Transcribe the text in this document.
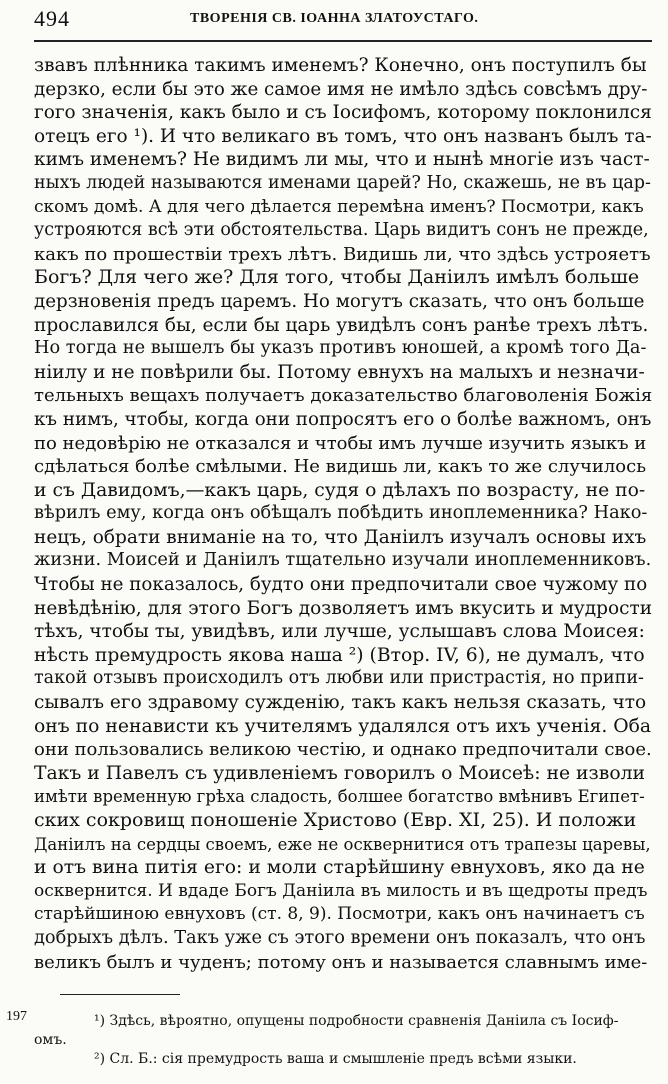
494	ТВОРЕНІЯ СВ. ІОАННА ЗЛАТОУСТАГО.
звавъ плѣнника такимъ именемъ? Конечно, онъ поступилъ бы
дерзко, если бы это же самое имя не имѣло здѣсь совсѣмъ дру-
гого значенія, какъ было и съ Іосифомъ, которому поклонился
отецъ его ¹). И что великаго въ томъ, что онъ названъ былъ та-
кимъ именемъ? Не видимъ ли мы, что и нынѣ многіе изъ част-
ныхъ людей называются именами царей? Но, скажешь, не въ цар-
скомъ домѣ. А для чего дѣлается перемѣна именъ? Посмотри, какъ
устрояются всѣ эти обстоятельства. Царь видитъ сонъ не прежде,
какъ по прошествіи трехъ лѣтъ. Видишь ли, что здѣсь устрояетъ
Богъ? Для чего же? Для того, чтобы Даніилъ имѣлъ больше
дерзновенія предъ царемъ. Но могутъ сказать, что онъ больше
прославился бы, если бы царь увидѣлъ сонъ ранѣе трехъ лѣтъ.
Но тогда не вышелъ бы указъ противъ юношей, а кромѣ того Да-
ніилу и не повѣрили бы. Потому евнухъ на малыхъ и незначи-
тельныхъ вещахъ получаетъ доказательство благоволенія Божія
къ нимъ, чтобы, когда они попросятъ его о болѣе важномъ, онъ
по недовѣрію не отказался и чтобы имъ лучше изучить языкъ и
сдѣлаться болѣе смѣлыми. Не видишь ли, какъ то же случилось
и съ Давидомъ,—какъ царь, судя о дѣлахъ по возрасту, не по-
вѣрилъ ему, когда онъ обѣщалъ побѣдить иноплеменника? Нако-
нецъ, обрати вниманіе на то, что Даніилъ изучалъ основы ихъ
жизни. Моисей и Даніилъ тщательно изучали иноплеменниковъ.
Чтобы не показалось, будто они предпочитали свое чужому по
невѣдѣнію, для этого Богъ дозволяетъ имъ вкусить и мудрости
тѣхъ, чтобы ты, увидѣвъ, или лучше, услышавъ слова Моисея:
нѣсть премудрость якова наша ²) (Втор. IV, 6), не думалъ, что
такой отзывъ происходилъ отъ любви или пристрастія, но припи-
сывалъ его здравому сужденію, такъ какъ нельзя сказать, что
онъ по ненависти къ учителямъ удалялся отъ ихъ ученія. Оба
они пользовались великою честію, и однако предпочитали свое.
Такъ и Павелъ съ удивленіемъ говорилъ о Моисеѣ: не изволи
имѣти временную грѣха сладость, болшее богатство вмѣнивъ Египет-
ских сокровищ поношеніе Христово (Евр. XI, 25). И положи
Даніилъ на сердцы своемъ, еже не осквернитися отъ трапезы царевы,
и отъ вина питія его: и моли старѣйшину евнуховъ, яко да не
осквернится. И вдаде Богъ Даніила въ милость и въ щедроты предъ
старѣйшиною евнуховъ (ст. 8, 9). Посмотри, какъ онъ начинаетъ съ
добрыхъ дѣлъ. Такъ уже съ этого времени онъ показалъ, что онъ
великъ былъ и чуденъ; потому онъ и называется славнымъ име-
197	¹) Здѣсь, вѣроятно, опущены подробности сравненія Даніила съ Іосиф-
омъ.
²) Сл. Б.: сія премудрость ваша и смышленіе предъ всѣми языки.
